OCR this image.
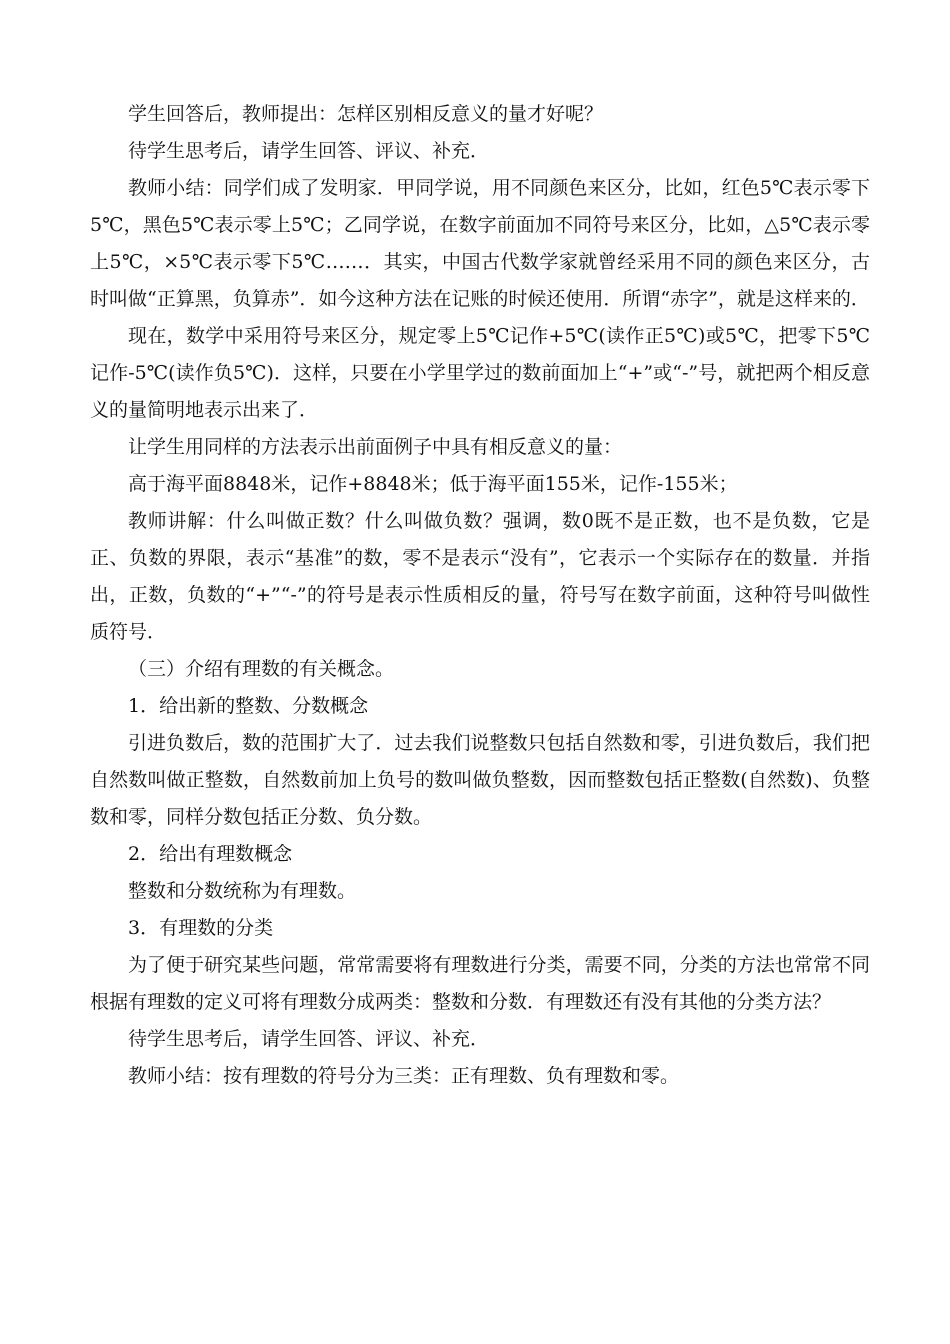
学生回答后，教师提出：怎样区别相反意义的量才好呢？

待学生思考后，请学生回答、评议、补充．

教师小结：同学们成了发明家．甲同学说，用不同颜色来区分，比如，红色5℃表示零下5℃，黑色5℃表示零上5℃；乙同学说，在数字前面加不同符号来区分，比如，△5℃表示零上5℃，×5℃表示零下5℃……．其实，中国古代数学家就曾经采用不同的颜色来区分，古时叫做“正算黑，负算赤”．如今这种方法在记账的时候还使用．所谓“赤字”，就是这样来的．

现在，数学中采用符号来区分，规定零上5℃记作+5℃(读作正5℃)或5℃，把零下5℃记作-5℃(读作负5℃)．这样，只要在小学里学过的数前面加上“+”或“-”号，就把两个相反意义的量简明地表示出来了．

让学生用同样的方法表示出前面例子中具有相反意义的量：

高于海平面8848米，记作+8848米；低于海平面155米，记作-155米；

教师讲解：什么叫做正数？什么叫做负数？强调，数0既不是正数，也不是负数，它是正、负数的界限，表示“基准”的数，零不是表示“没有”，它表示一个实际存在的数量．并指出，正数，负数的“+”“-”的符号是表示性质相反的量，符号写在数字前面，这种符号叫做性质符号．

（三）介绍有理数的有关概念。

1．给出新的整数、分数概念

引进负数后，数的范围扩大了．过去我们说整数只包括自然数和零，引进负数后，我们把自然数叫做正整数，自然数前加上负号的数叫做负整数，因而整数包括正整数(自然数)、负整数和零，同样分数包括正分数、负分数。

2．给出有理数概念

整数和分数统称为有理数。

3．有理数的分类

为了便于研究某些问题，常常需要将有理数进行分类，需要不同，分类的方法也常常不同根据有理数的定义可将有理数分成两类：整数和分数．有理数还有没有其他的分类方法？

待学生思考后，请学生回答、评议、补充．

教师小结：按有理数的符号分为三类：正有理数、负有理数和零。
